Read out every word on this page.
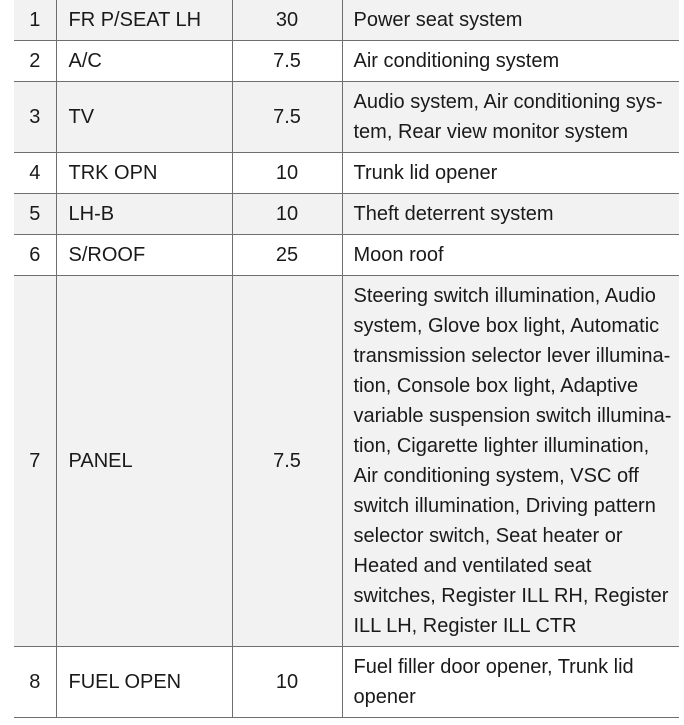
1	FR P/SEAT LH	30	Power seat system
2	A/C	7.5	Air conditioning system
3	TV	7.5	Audio system, Air conditioning sys-tem, Rear view monitor system
4	TRK OPN	10	Trunk lid opener
5	LH-B	10	Theft deterrent system
6	S/ROOF	25	Moon roof
7	PANEL	7.5	Steering switch illumination, Audio system, Glove box light, Automatic transmission selector lever illumina-tion, Console box light, Adaptive variable suspension switch illumina-tion, Cigarette lighter illumination, Air conditioning system, VSC off switch illumination, Driving pattern selector switch, Seat heater or Heated and ventilated seat switches, Register ILL RH, Register ILL LH, Register ILL CTR
8	FUEL OPEN	10	Fuel filler door opener, Trunk lid opener
